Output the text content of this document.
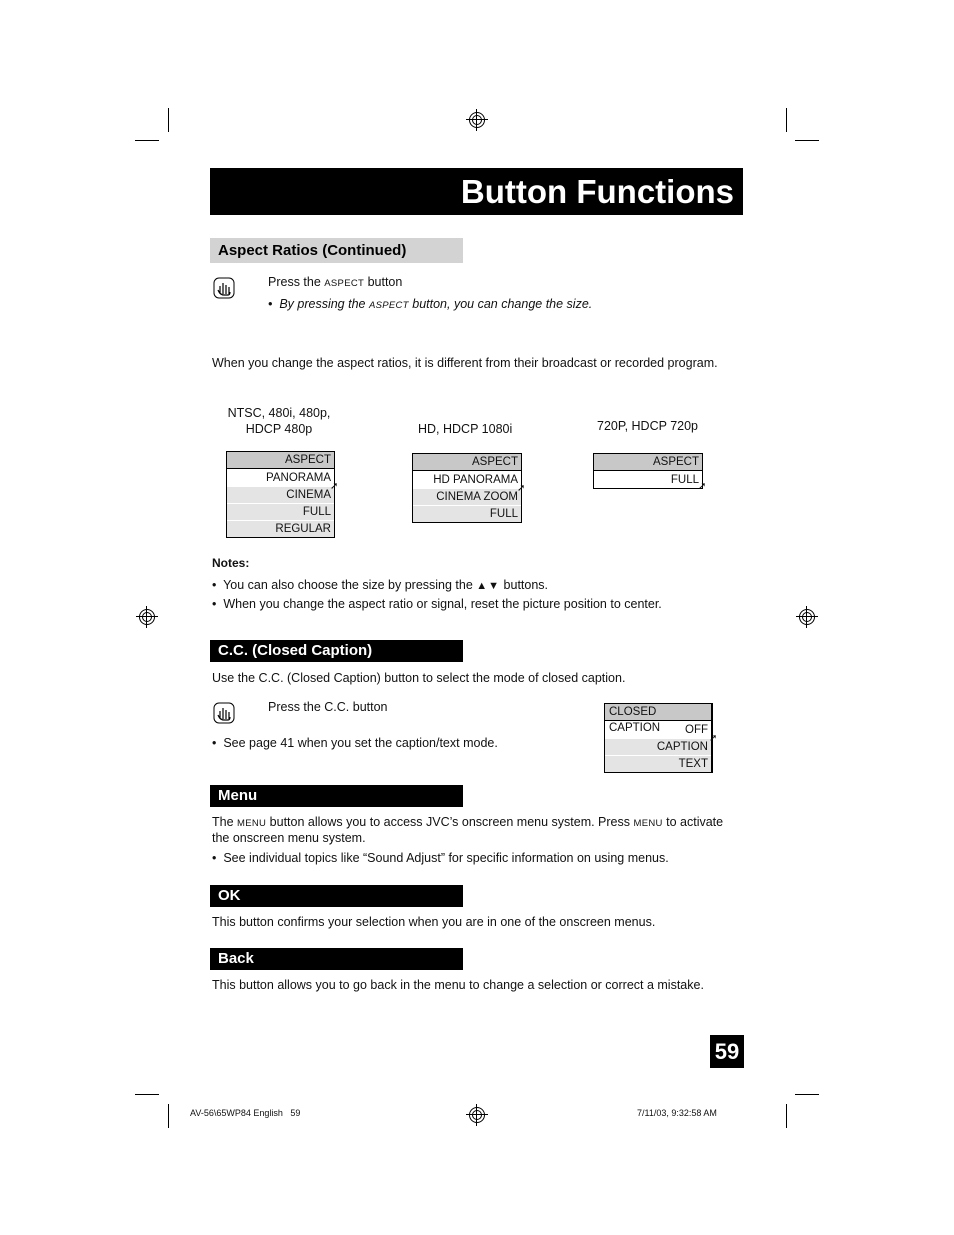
Button Functions
Aspect Ratios (Continued)
Press the ASPECT button
•  By pressing the ASPECT button, you can change the size.
When you change the aspect ratios, it is different from their broadcast or recorded program.
NTSC, 480i, 480p,
HDCP 480p	HD, HDCP 1080i	720P, HDCP 720p
ASPECT
PANORAMA
CINEMA
FULL
REGULAR
➚
ASPECT
HD PANORAMA
CINEMA ZOOM
FULL
➚
ASPECT
FULL
➚
Notes:
•  You can also choose the size by pressing the ▲▼ buttons.
•  When you change the aspect ratio or signal, reset the picture position to center.
C.C. (Closed Caption)
Use the C.C. (Closed Caption) button to select the mode of closed caption.
Press the C.C. button
•  See page 41 when you set the caption/text mode.
CLOSED CAPTION	OFF
CAPTION
TEXT
➚
Menu
The MENU button allows you to access JVC’s onscreen menu system. Press MENU to activate
the onscreen menu system.
•  See individual topics like “Sound Adjust” for specific information on using menus.
OK
This button confirms your selection when you are in one of the onscreen menus.
Back
This button allows you to go back in the menu to change a selection or correct a mistake.
59
AV-56\65WP84 English   59	7/11/03, 9:32:58 AM
